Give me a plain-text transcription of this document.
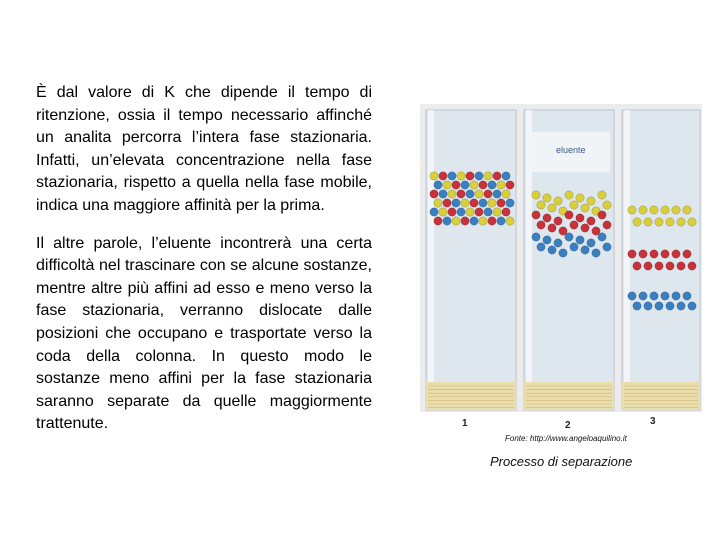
È dal valore di K che dipende il tempo di ritenzione, ossia il tempo necessario affinché un analita percorra l’intera fase stazionaria. Infatti, un’elevata concentrazione nella fase stazionaria, rispetto a quella nella fase mobile, indica una maggiore affinità per la prima.

Il altre parole, l’eluente incontrerà una certa difficoltà nel trascinare con se alcune sostanze, mentre altre più affini ad esso e meno verso la fase stazionaria, verranno dislocate dalle posizioni che occupano e trasportate verso la coda della colonna. In questo modo le sostanze meno affini per la fase stazionaria saranno separate da quelle maggiormente trattenute.

eluente
1	2	3
Fonte: http://www.angeloaquilino.it
Processo di separazione
